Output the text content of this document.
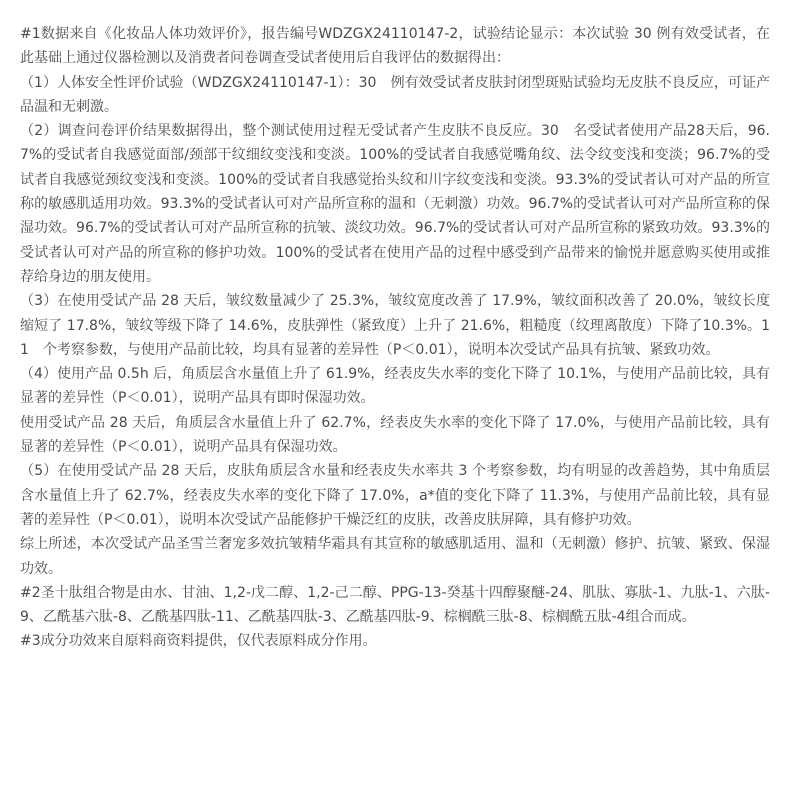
#1数据来自《化妆品人体功效评价》，报告编号WDZGX24110147-2，试验结论显示：本次试验 30 例有效受试者，在此基础上通过仪器检测以及消费者问卷调查受试者使用后自我评估的数据得出：

（1）人体安全性评价试验（WDZGX24110147-1）：30　例有效受试者皮肤封闭型斑贴试验均无皮肤不良反应，可证产品温和无刺激。

（2）调查问卷评价结果数据得出，整个测试使用过程无受试者产生皮肤不良反应。30　名受试者使用产品28天后，96.7%的受试者自我感觉面部/颈部干纹细纹变浅和变淡。100%的受试者自我感觉嘴角纹、法令纹变浅和变淡；96.7%的受试者自我感觉颈纹变浅和变淡。100%的受试者自我感觉抬头纹和川字纹变浅和变淡。93.3%的受试者认可对产品的所宣称的敏感肌适用功效。93.3%的受试者认可对产品所宣称的温和（无刺激）功效。96.7%的受试者认可对产品所宣称的保湿功效。96.7%的受试者认可对产品所宣称的抗皱、淡纹功效。96.7%的受试者认可对产品所宣称的紧致功效。93.3%的受试者认可对产品的所宣称的修护功效。100%的受试者在使用产品的过程中感受到产品带来的愉悦并愿意购买使用或推荐给身边的朋友使用。

（3）在使用受试产品 28 天后，皱纹数量减少了 25.3%，皱纹宽度改善了 17.9%，皱纹面积改善了 20.0%，皱纹长度缩短了 17.8%，皱纹等级下降了 14.6%，皮肤弹性（紧致度）上升了 21.6%，粗糙度（纹理离散度）下降了10.3%。11　个考察参数，与使用产品前比较，均具有显著的差异性（P＜0.01），说明本次受试产品具有抗皱、紧致功效。

（4）使用产品 0.5h 后，角质层含水量值上升了 61.9%，经表皮失水率的变化下降了 10.1%，与使用产品前比较，具有显著的差异性（P＜0.01），说明产品具有即时保湿功效。

使用受试产品 28 天后，角质层含水量值上升了 62.7%，经表皮失水率的变化下降了 17.0%，与使用产品前比较，具有显著的差异性（P＜0.01），说明产品具有保湿功效。

（5）在使用受试产品 28 天后，皮肤角质层含水量和经表皮失水率共 3 个考察参数，均有明显的改善趋势，其中角质层含水量值上升了 62.7%，经表皮失水率的变化下降了 17.0%，a*值的变化下降了 11.3%，与使用产品前比较，具有显著的差异性（P＜0.01），说明本次受试产品能修护干燥泛红的皮肤，改善皮肤屏障，具有修护功效。

综上所述，本次受试产品圣雪兰奢宠多效抗皱精华霜具有其宣称的敏感肌适用、温和（无刺激）修护、抗皱、紧致、保湿功效。

#2圣十肽组合物是由水、甘油、1,2-戊二醇、1,2-己二醇、PPG-13-癸基十四醇聚醚-24、肌肽、寡肽-1、九肽-1、六肽-9、乙酰基六肽-8、乙酰基四肽-11、乙酰基四肽-3、乙酰基四肽-9、棕榈酰三肽-8、棕榈酰五肽-4组合而成。

#3成分功效来自原料商资料提供，仅代表原料成分作用。
